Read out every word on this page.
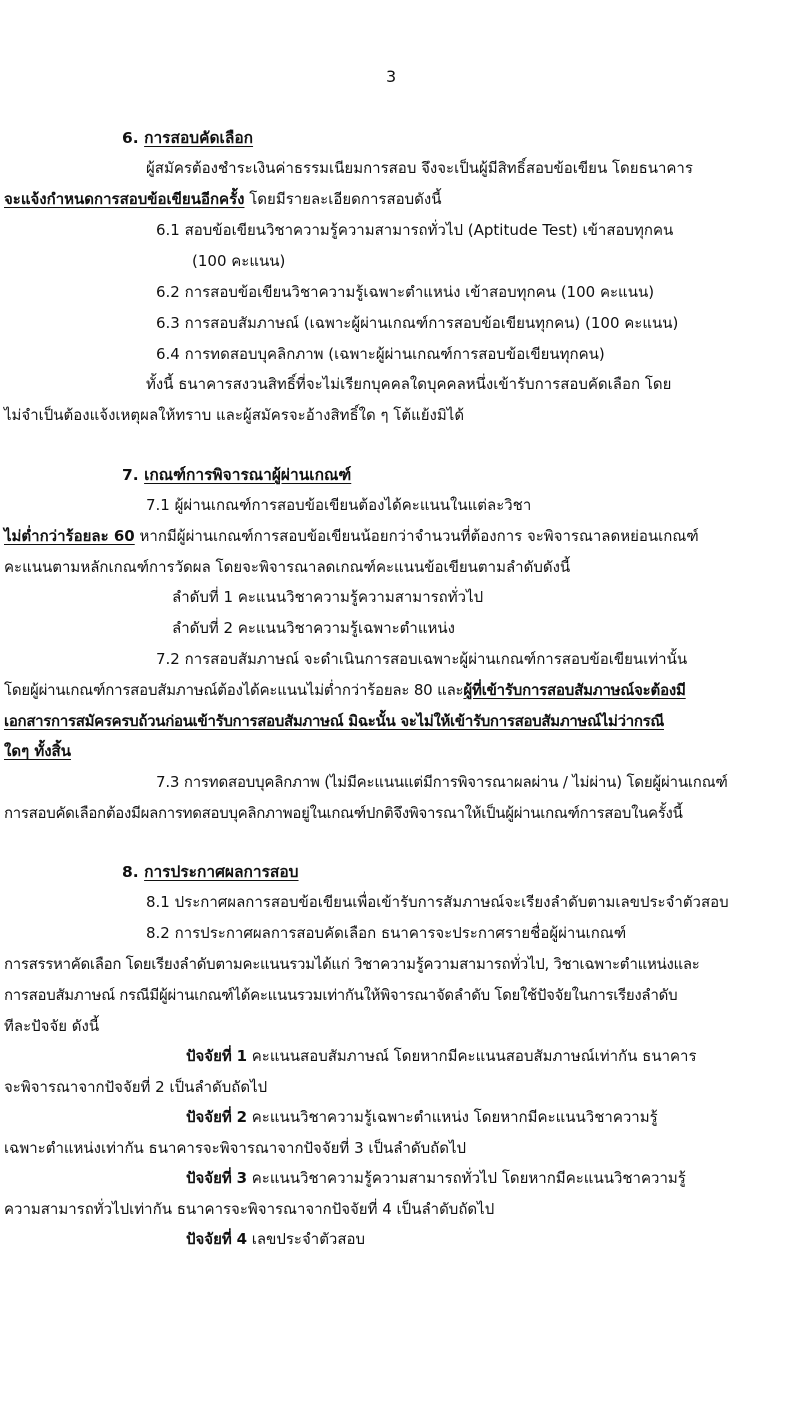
3
6. การสอบคัดเลือก
ผู้สมัครต้องชำระเงินค่าธรรมเนียมการสอบ จึงจะเป็นผู้มีสิทธิ์สอบข้อเขียน โดยธนาคาร
จะแจ้งกำหนดการสอบข้อเขียนอีกครั้ง โดยมีรายละเอียดการสอบดังนี้
6.1 สอบข้อเขียนวิชาความรู้ความสามารถทั่วไป (Aptitude Test) เข้าสอบทุกคน
(100 คะแนน)
6.2 การสอบข้อเขียนวิชาความรู้เฉพาะตำแหน่ง เข้าสอบทุกคน (100 คะแนน)
6.3 การสอบสัมภาษณ์ (เฉพาะผู้ผ่านเกณฑ์การสอบข้อเขียนทุกคน) (100 คะแนน)
6.4 การทดสอบบุคลิกภาพ (เฉพาะผู้ผ่านเกณฑ์การสอบข้อเขียนทุกคน)
ทั้งนี้ ธนาคารสงวนสิทธิ์ที่จะไม่เรียกบุคคลใดบุคคลหนึ่งเข้ารับการสอบคัดเลือก โดย
ไม่จำเป็นต้องแจ้งเหตุผลให้ทราบ และผู้สมัครจะอ้างสิทธิ์ใด ๆ โต้แย้งมิได้
7. เกณฑ์การพิจารณาผู้ผ่านเกณฑ์
7.1 ผู้ผ่านเกณฑ์การสอบข้อเขียนต้องได้คะแนนในแต่ละวิชา
ไม่ต่ำกว่าร้อยละ 60 หากมีผู้ผ่านเกณฑ์การสอบข้อเขียนน้อยกว่าจำนวนที่ต้องการ จะพิจารณาลดหย่อนเกณฑ์
คะแนนตามหลักเกณฑ์การวัดผล โดยจะพิจารณาลดเกณฑ์คะแนนข้อเขียนตามลำดับดังนี้
ลำดับที่ 1 คะแนนวิชาความรู้ความสามารถทั่วไป
ลำดับที่ 2 คะแนนวิชาความรู้เฉพาะตำแหน่ง
7.2 การสอบสัมภาษณ์ จะดำเนินการสอบเฉพาะผู้ผ่านเกณฑ์การสอบข้อเขียนเท่านั้น
โดยผู้ผ่านเกณฑ์การสอบสัมภาษณ์ต้องได้คะแนนไม่ต่ำกว่าร้อยละ 80 และผู้ที่เข้ารับการสอบสัมภาษณ์จะต้องมี
เอกสารการสมัครครบถ้วนก่อนเข้ารับการสอบสัมภาษณ์ มิฉะนั้น จะไม่ให้เข้ารับการสอบสัมภาษณ์ไม่ว่ากรณี
ใดๆ ทั้งสิ้น
7.3 การทดสอบบุคลิกภาพ (ไม่มีคะแนนแต่มีการพิจารณาผลผ่าน / ไม่ผ่าน) โดยผู้ผ่านเกณฑ์
การสอบคัดเลือกต้องมีผลการทดสอบบุคลิกภาพอยู่ในเกณฑ์ปกติจึงพิจารณาให้เป็นผู้ผ่านเกณฑ์การสอบในครั้งนี้
8. การประกาศผลการสอบ
8.1 ประกาศผลการสอบข้อเขียนเพื่อเข้ารับการสัมภาษณ์จะเรียงลำดับตามเลขประจำตัวสอบ
8.2 การประกาศผลการสอบคัดเลือก ธนาคารจะประกาศรายชื่อผู้ผ่านเกณฑ์
การสรรหาคัดเลือก โดยเรียงลำดับตามคะแนนรวมได้แก่ วิชาความรู้ความสามารถทั่วไป, วิชาเฉพาะตำแหน่งและ
การสอบสัมภาษณ์ กรณีมีผู้ผ่านเกณฑ์ได้คะแนนรวมเท่ากันให้พิจารณาจัดลำดับ โดยใช้ปัจจัยในการเรียงลำดับ
ทีละปัจจัย ดังนี้
ปัจจัยที่ 1 คะแนนสอบสัมภาษณ์ โดยหากมีคะแนนสอบสัมภาษณ์เท่ากัน ธนาคาร
จะพิจารณาจากปัจจัยที่ 2 เป็นลำดับถัดไป
ปัจจัยที่ 2 คะแนนวิชาความรู้เฉพาะตำแหน่ง โดยหากมีคะแนนวิชาความรู้
เฉพาะตำแหน่งเท่ากัน ธนาคารจะพิจารณาจากปัจจัยที่ 3 เป็นลำดับถัดไป
ปัจจัยที่ 3 คะแนนวิชาความรู้ความสามารถทั่วไป โดยหากมีคะแนนวิชาความรู้
ความสามารถทั่วไปเท่ากัน ธนาคารจะพิจารณาจากปัจจัยที่ 4 เป็นลำดับถัดไป
ปัจจัยที่ 4 เลขประจำตัวสอบ
